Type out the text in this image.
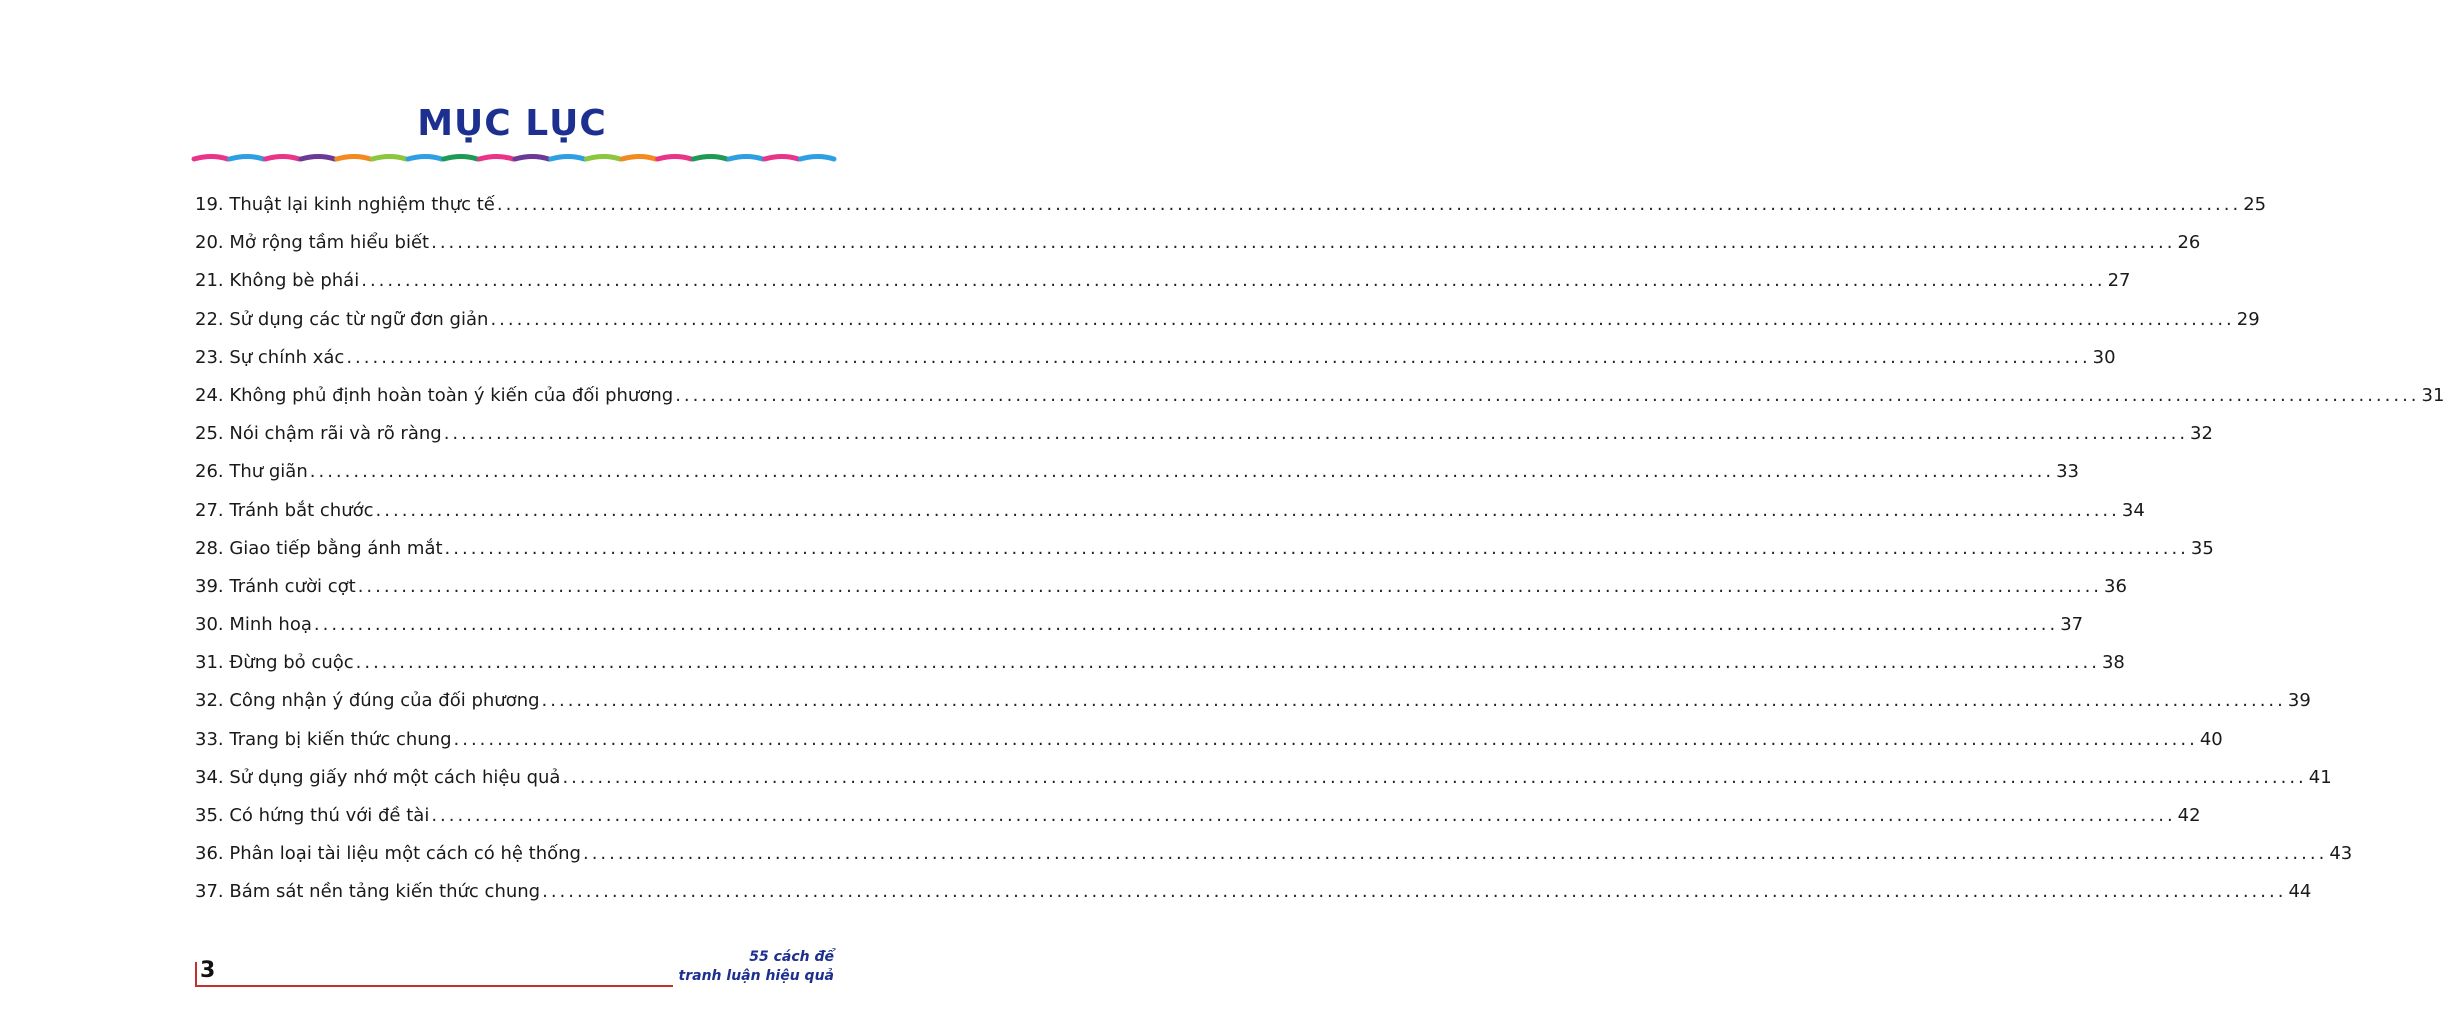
MỤC LỤC
19. Thuật lại kinh nghiệm thực tế ........................................................................................................................................................................................................ 25
20. Mở rộng tầm hiểu biết ........................................................................................................................................................................................................ 26
21. Không bè phái ........................................................................................................................................................................................................ 27
22. Sử dụng các từ ngữ đơn giản ........................................................................................................................................................................................................ 29
23. Sự chính xác ........................................................................................................................................................................................................ 30
24. Không phủ định hoàn toàn ý kiến của đối phương ........................................................................................................................................................................................................ 31
25. Nói chậm rãi và rõ ràng ........................................................................................................................................................................................................ 32
26. Thư giãn ........................................................................................................................................................................................................ 33
27. Tránh bắt chước ........................................................................................................................................................................................................ 34
28. Giao tiếp bằng ánh mắt ........................................................................................................................................................................................................ 35
39. Tránh cười cợt ........................................................................................................................................................................................................ 36
30. Minh hoạ ........................................................................................................................................................................................................ 37
31. Đừng bỏ cuộc ........................................................................................................................................................................................................ 38
32. Công nhận ý đúng của đối phương ........................................................................................................................................................................................................ 39
33. Trang bị kiến thức chung ........................................................................................................................................................................................................ 40
34. Sử dụng giấy nhớ một cách hiệu quả ........................................................................................................................................................................................................ 41
35. Có hứng thú với đề tài ........................................................................................................................................................................................................ 42
36. Phân loại tài liệu một cách có hệ thống ........................................................................................................................................................................................................ 43
37. Bám sát nền tảng kiến thức chung ........................................................................................................................................................................................................ 44
3
55 cách để
tranh luận hiệu quả
